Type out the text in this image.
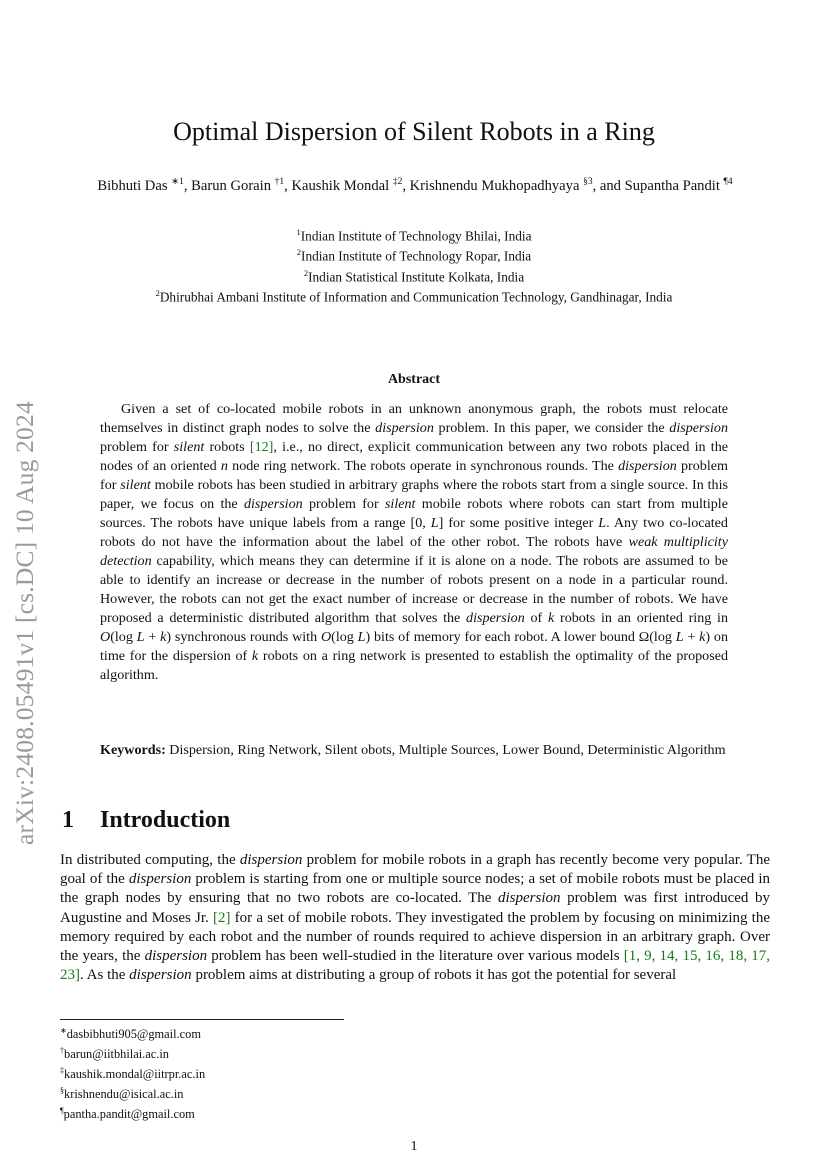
arXiv:2408.05491v1 [cs.DC] 10 Aug 2024
Optimal Dispersion of Silent Robots in a Ring
Bibhuti Das $^{∗1}$, Barun Gorain $^{\dagger 1}$, Kaushik Mondal $^{\ddagger 2}$, Krishnendu Mukhopadhyaya $^{\S 3}$, and Supantha Pandit $^{\P 4}$
$^1$Indian Institute of Technology Bhilai, India
$^2$Indian Institute of Technology Ropar, India
$^2$Indian Statistical Institute Kolkata, India
$^2$Dhirubhai Ambani Institute of Information and Communication Technology, Gandhinagar, India
Abstract

Given a set of co-located mobile robots in an unknown anonymous graph, the robots must relocate themselves in distinct graph nodes to solve the dispersion problem. In this paper, we consider the dispersion problem for silent robots [12], i.e., no direct, explicit communication between any two robots placed in the nodes of an oriented n node ring network. The robots operate in synchronous rounds. The dispersion problem for silent mobile robots has been studied in arbitrary graphs where the robots start from a single source. In this paper, we focus on the dispersion problem for silent mobile robots where robots can start from multiple sources. The robots have unique labels from a range [0, L] for some positive integer L. Any two co-located robots do not have the information about the label of the other robot. The robots have weak multiplicity detection capability, which means they can determine if it is alone on a node. The robots are assumed to be able to identify an increase or decrease in the number of robots present on a node in a particular round. However, the robots can not get the exact number of increase or decrease in the number of robots. We have proposed a deterministic distributed algorithm that solves the dispersion of k robots in an oriented ring in O(log L + k) synchronous rounds with O(log L) bits of memory for each robot. A lower bound Ω(log L + k) on time for the dispersion of k robots on a ring network is presented to establish the optimality of the proposed algorithm.

Keywords: Dispersion, Ring Network, Silent obots, Multiple Sources, Lower Bound, Deterministic Algorithm
1 Introduction

In distributed computing, the dispersion problem for mobile robots in a graph has recently become very popular. The goal of the dispersion problem is starting from one or multiple source nodes; a set of mobile robots must be placed in the graph nodes by ensuring that no two robots are co-located. The dispersion problem was first introduced by Augustine and Moses Jr. [2] for a set of mobile robots. They investigated the problem by focusing on minimizing the memory required by each robot and the number of rounds required to achieve dispersion in an arbitrary graph. Over the years, the dispersion problem has been well-studied in the literature over various models [1, 9, 14, 15, 16, 18, 17, 23]. As the dispersion problem aims at distributing a group of robots it has got the potential for several

∗dasbibhuti905@gmail.com
†barun@iitbhilai.ac.in
‡kaushik.mondal@iitrpr.ac.in
§krishnendu@isical.ac.in
¶pantha.pandit@gmail.com
1
